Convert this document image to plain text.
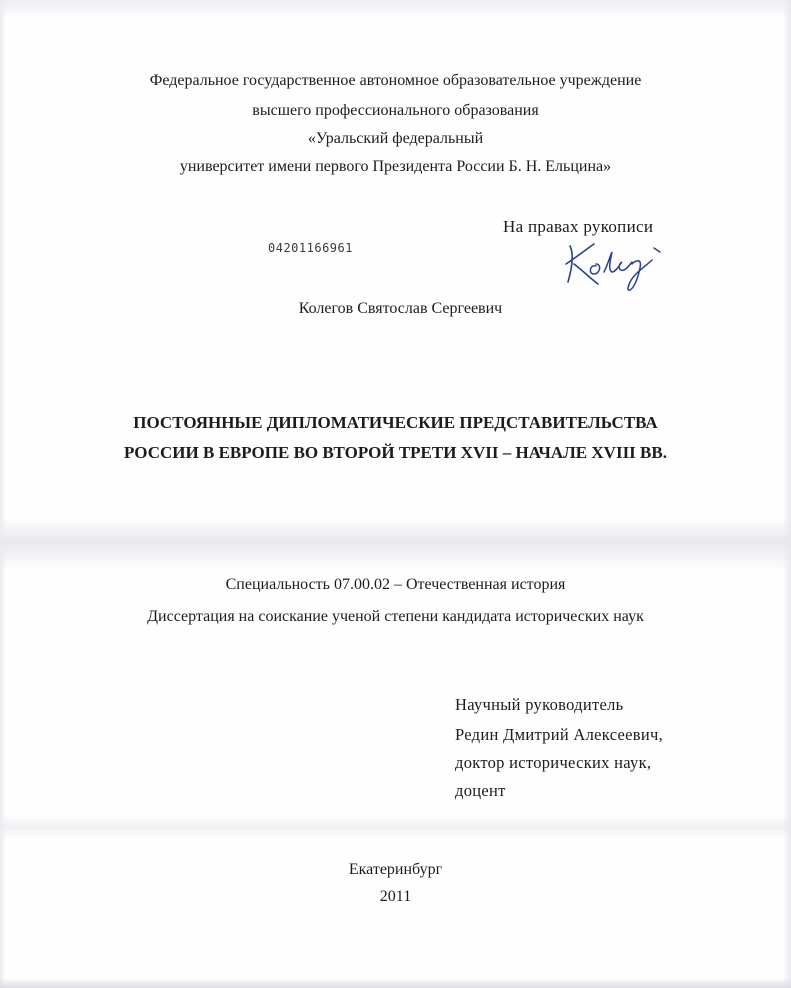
Федеральное государственное автономное образовательное учреждение
высшего профессионального образования
«Уральский федеральный
университет имени первого Президента России Б. Н. Ельцина»
На правах рукописи
04201166961
Колегов Святослав Сергеевич
ПОСТОЯННЫЕ ДИПЛОМАТИЧЕСКИЕ ПРЕДСТАВИТЕЛЬСТВА
РОССИИ В ЕВРОПЕ ВО ВТОРОЙ ТРЕТИ XVII – НАЧАЛЕ XVIII ВВ.
Специальность 07.00.02 – Отечественная история
Диссертация на соискание ученой степени кандидата исторических наук
Научный руководитель
Редин Дмитрий Алексеевич,
доктор исторических наук,
доцент
Екатеринбург
2011
